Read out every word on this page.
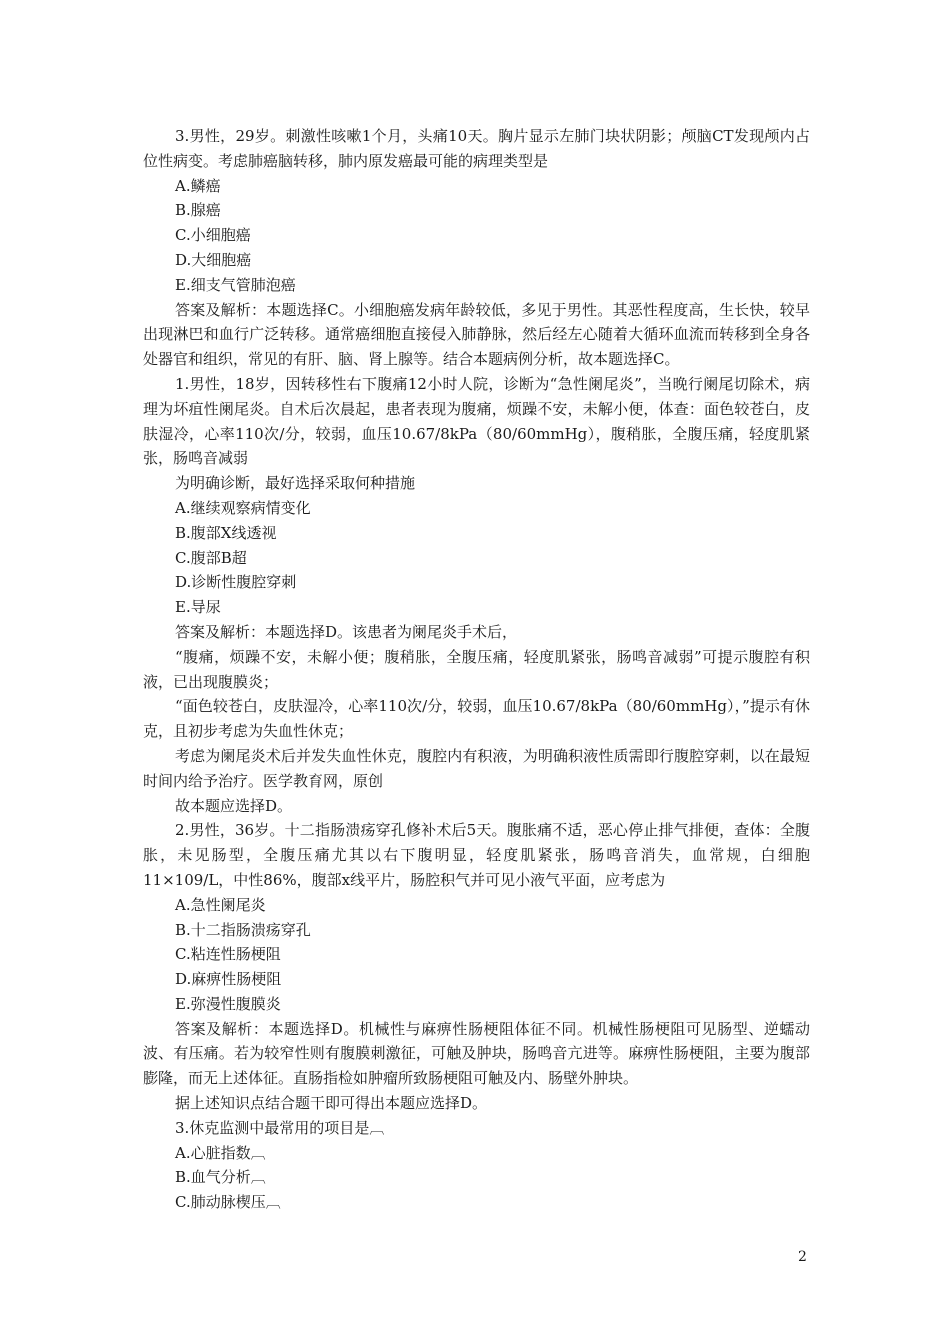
3.男性，29岁。刺激性咳嗽1个月，头痛10天。胸片显示左肺门块状阴影；颅脑CT发现颅内占位性病变。考虑肺癌脑转移，肺内原发癌最可能的病理类型是

A.鳞癌

B.腺癌

C.小细胞癌

D.大细胞癌

E.细支气管肺泡癌

答案及解析：本题选择C。小细胞癌发病年龄较低，多见于男性。其恶性程度高，生长快，较早出现淋巴和血行广泛转移。通常癌细胞直接侵入肺静脉，然后经左心随着大循环血流而转移到全身各处器官和组织，常见的有肝、脑、肾上腺等。结合本题病例分析，故本题选择C。

1.男性，18岁，因转移性右下腹痛12小时人院，诊断为“急性阑尾炎”，当晚行阑尾切除术，病理为坏疽性阑尾炎。自术后次晨起，患者表现为腹痛，烦躁不安，未解小便，体查：面色较苍白，皮肤湿冷，心率110次/分，较弱，血压10.67/8kPa（80/60mmHg），腹稍胀，全腹压痛，轻度肌紧张，肠鸣音减弱

为明确诊断，最好选择采取何种措施

A.继续观察病情变化

B.腹部X线透视

C.腹部B超

D.诊断性腹腔穿刺

E.导尿

答案及解析：本题选择D。该患者为阑尾炎手术后，

“腹痛，烦躁不安，未解小便；腹稍胀，全腹压痛，轻度肌紧张，肠鸣音减弱”可提示腹腔有积液，已出现腹膜炎；

“面色较苍白，皮肤湿冷，心率110次/分，较弱，血压10.67/8kPa（80/60mmHg），”提示有休克，且初步考虑为失血性休克；

考虑为阑尾炎术后并发失血性休克，腹腔内有积液，为明确积液性质需即行腹腔穿刺，以在最短时间内给予治疗。医学教育网，原创

故本题应选择D。

2.男性，36岁。十二指肠溃疡穿孔修补术后5天。腹胀痛不适，恶心停止排气排便，查体：全腹胀，未见肠型，全腹压痛尤其以右下腹明显，轻度肌紧张，肠鸣音消失，血常规，白细胞11×109/L，中性86%，腹部x线平片，肠腔积气并可见小液气平面，应考虑为

A.急性阑尾炎

B.十二指肠溃疡穿孔

C.粘连性肠梗阻

D.麻痹性肠梗阻

E.弥漫性腹膜炎

答案及解析：本题选择D。机械性与麻痹性肠梗阻体征不同。机械性肠梗阻可见肠型、逆蠕动波、有压痛。若为较窄性则有腹膜刺激征，可触及肿块，肠鸣音亢进等。麻痹性肠梗阻，主要为腹部膨隆，而无上述体征。直肠指检如肿瘤所致肠梗阻可触及内、肠壁外肿块。

据上述知识点结合题干即可得出本题应选择D。

3.休克监测中最常用的项目是︹

A.心脏指数︹

B.血气分析︹

C.肺动脉楔压︹

2
